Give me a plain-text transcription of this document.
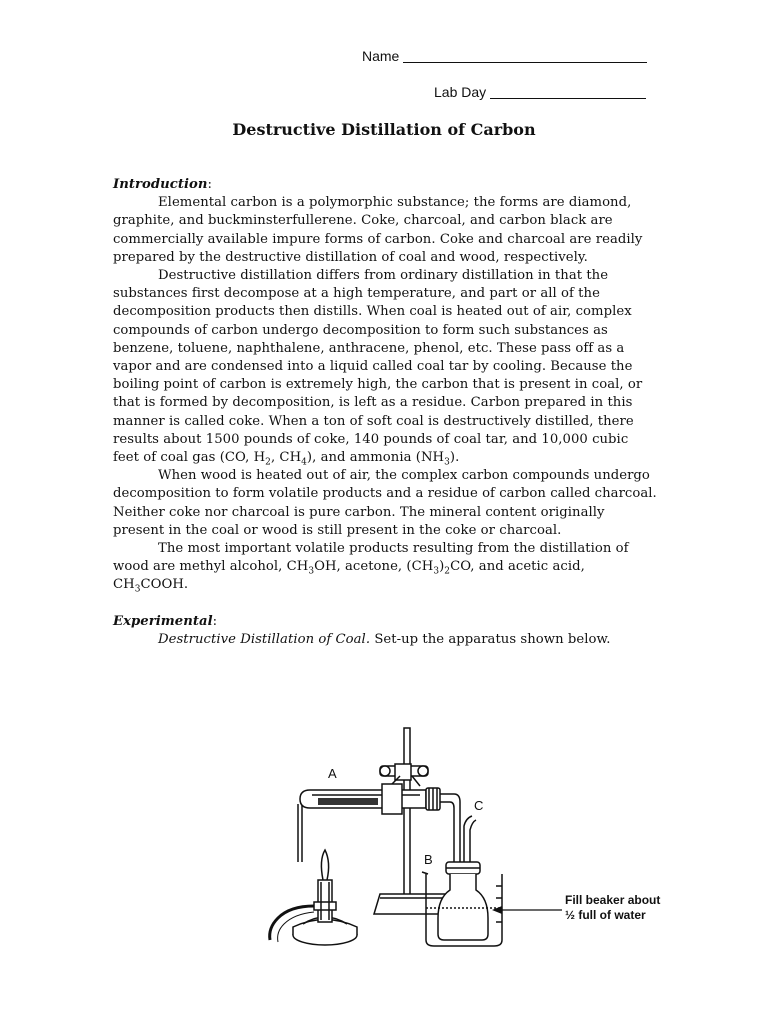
Name
Lab Day
Destructive Distillation of Carbon
Introduction:

Elemental carbon is a polymorphic substance; the forms are diamond, graphite, and buckminsterfullerene. Coke, charcoal, and carbon black are commercially available impure forms of carbon. Coke and charcoal are readily prepared by the destructive distillation of coal and wood, respectively.

Destructive distillation differs from ordinary distillation in that the substances first decompose at a high temperature, and part or all of the decomposition products then distills. When coal is heated out of air, complex compounds of carbon undergo decomposition to form such substances as benzene, toluene, naphthalene, anthracene, phenol, etc. These pass off as a vapor and are condensed into a liquid called coal tar by cooling. Because the boiling point of carbon is extremely high, the carbon that is present in coal, or that is formed by decomposition, is left as a residue. Carbon prepared in this manner is called coke. When a ton of soft coal is destructively distilled, there results about 1500 pounds of coke, 140 pounds of coal tar, and 10,000 cubic feet of coal gas (CO, $H_2$, $CH_4$), and ammonia $(NH_3)$.

When wood is heated out of air, the complex carbon compounds undergo decomposition to form volatile products and a residue of carbon called charcoal. Neither coke nor charcoal is pure carbon. The mineral content originally present in the coal or wood is still present in the coke or charcoal.

The most important volatile products resulting from the distillation of wood are methyl alcohol, $CH_3OH$, acetone, $(CH_3)_2CO$, and acetic acid, $CH_3COOH$.

Experimental:

Destructive Distillation of Coal. Set-up the apparatus shown below.

A
B
C
Fill beaker about
½ full of water
